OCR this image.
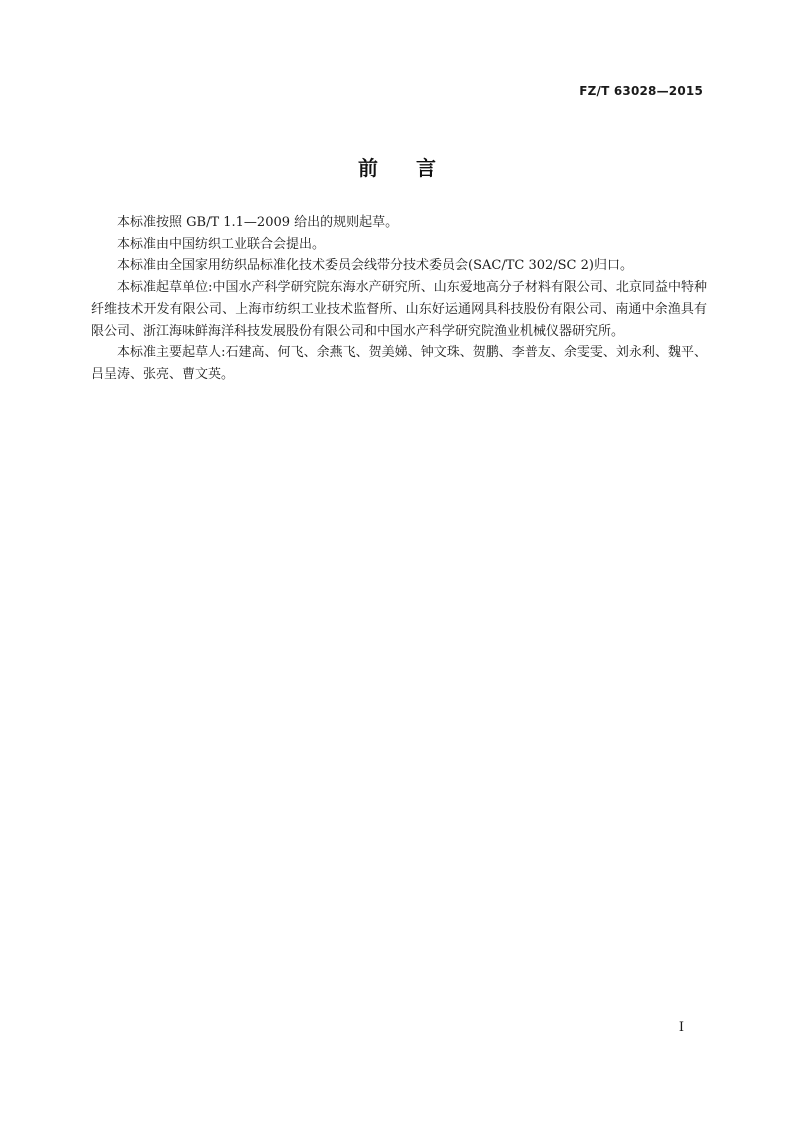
FZ/T 63028—2015
前言

本标准按照 GB/T 1.1—2009 给出的规则起草。

本标准由中国纺织工业联合会提出。

本标准由全国家用纺织品标准化技术委员会线带分技术委员会(SAC/TC 302/SC 2)归口。

本标准起草单位:中国水产科学研究院东海水产研究所、山东爱地高分子材料有限公司、北京同益中特种纤维技术开发有限公司、上海市纺织工业技术监督所、山东好运通网具科技股份有限公司、南通中余渔具有限公司、浙江海味鲜海洋科技发展股份有限公司和中国水产科学研究院渔业机械仪器研究所。

本标准主要起草人:石建高、何飞、余燕飞、贺美娣、钟文珠、贺鹏、李普友、余雯雯、刘永利、魏平、吕呈涛、张亮、曹文英。

I
